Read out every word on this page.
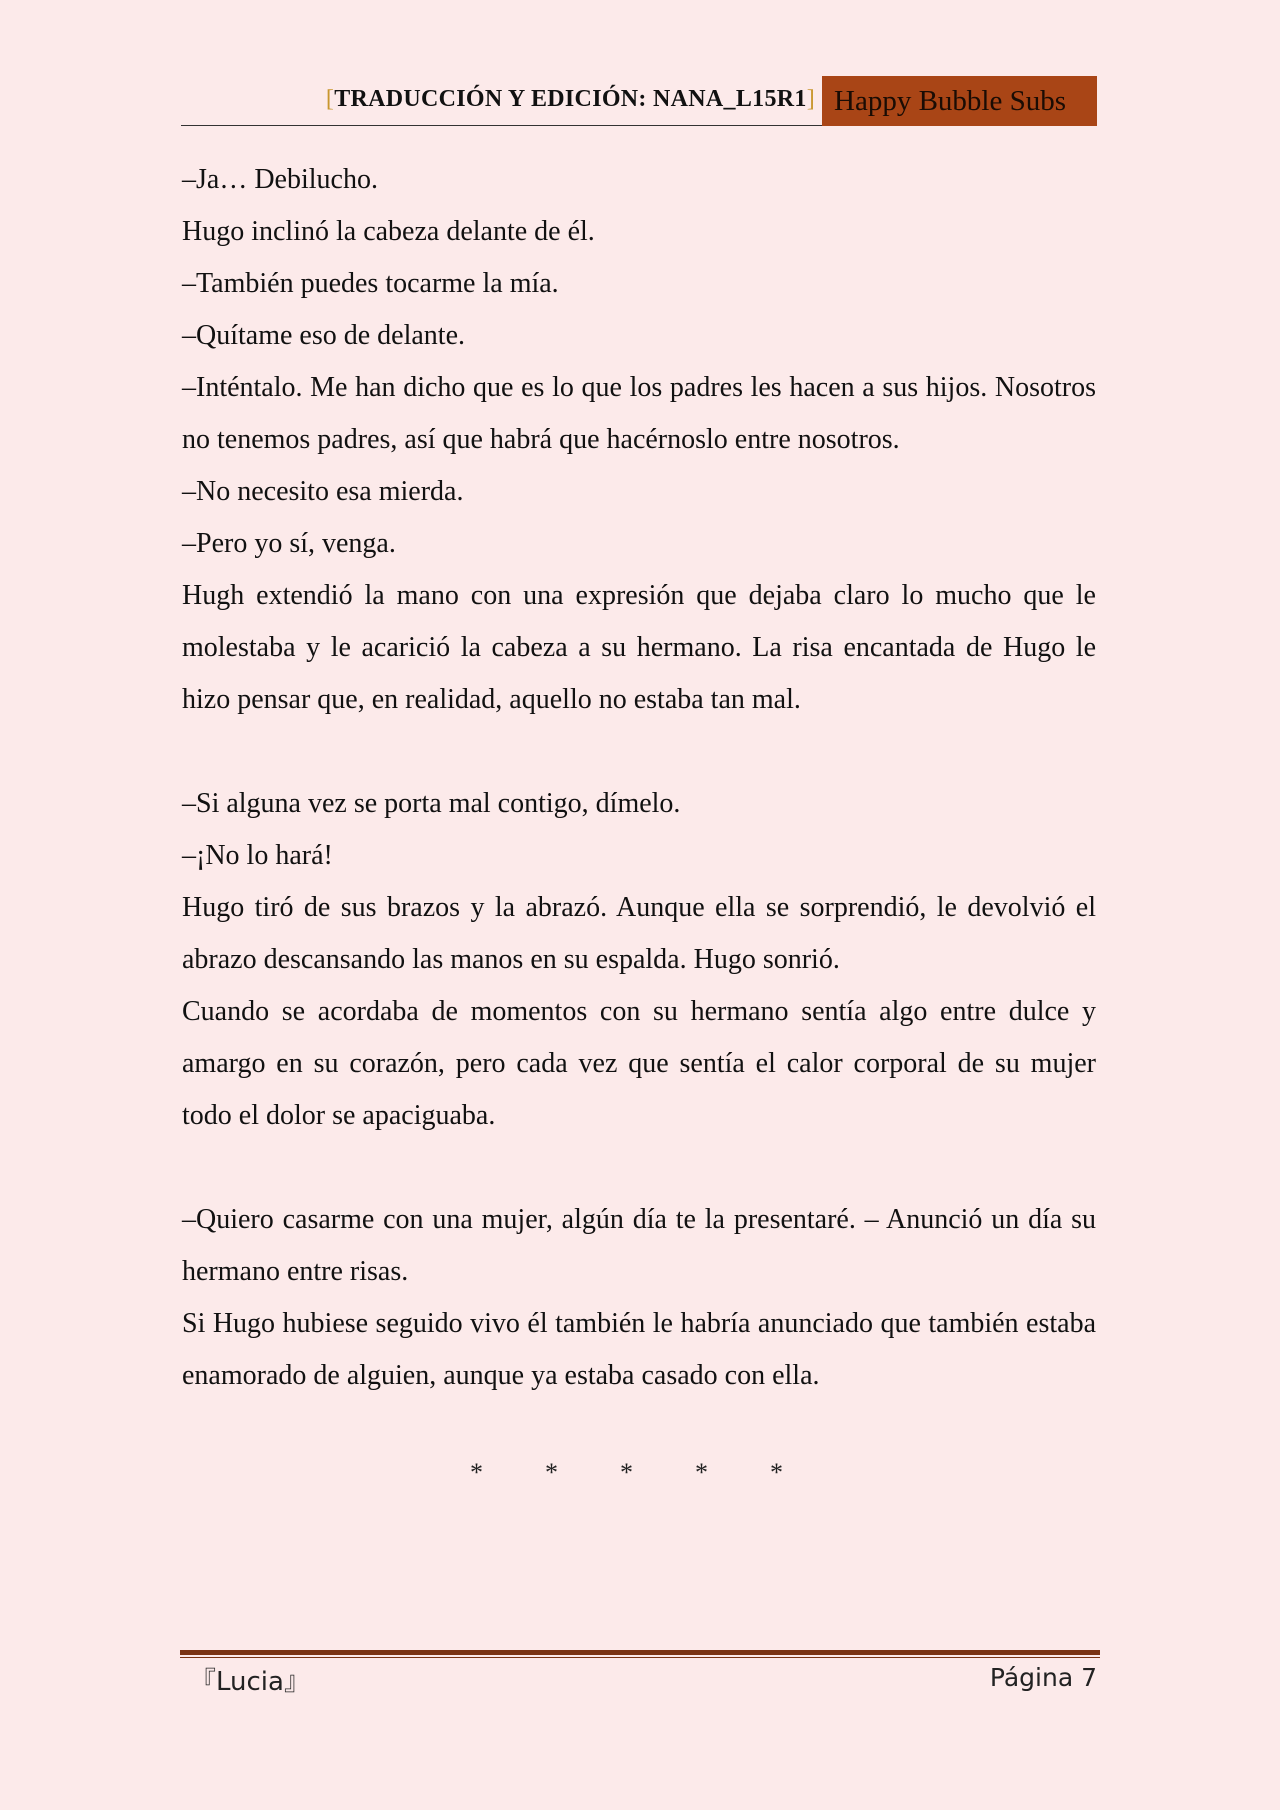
[TRADUCCIÓN Y EDICIÓN: NANA_L15R1] Happy Bubble Subs

–Ja… Debilucho.

Hugo inclinó la cabeza delante de él.

–También puedes tocarme la mía.

–Quítame eso de delante.

–Inténtalo. Me han dicho que es lo que los padres les hacen a sus hijos. Nosotros no tenemos padres, así que habrá que hacérnoslo entre nosotros.

–No necesito esa mierda.

–Pero yo sí, venga.

Hugh extendió la mano con una expresión que dejaba claro lo mucho que le molestaba y le acarició la cabeza a su hermano. La risa encantada de Hugo le hizo pensar que, en realidad, aquello no estaba tan mal.

–Si alguna vez se porta mal contigo, dímelo.

–¡No lo hará!

Hugo tiró de sus brazos y la abrazó. Aunque ella se sorprendió, le devolvió el abrazo descansando las manos en su espalda. Hugo sonrió.

Cuando se acordaba de momentos con su hermano sentía algo entre dulce y amargo en su corazón, pero cada vez que sentía el calor corporal de su mujer todo el dolor se apaciguaba.

–Quiero casarme con una mujer, algún día te la presentaré. – Anunció un día su hermano entre risas.

Si Hugo hubiese seguido vivo él también le habría anunciado que también estaba enamorado de alguien, aunque ya estaba casado con ella.

*	*	*	*	*
『Lucia』	Página 7
